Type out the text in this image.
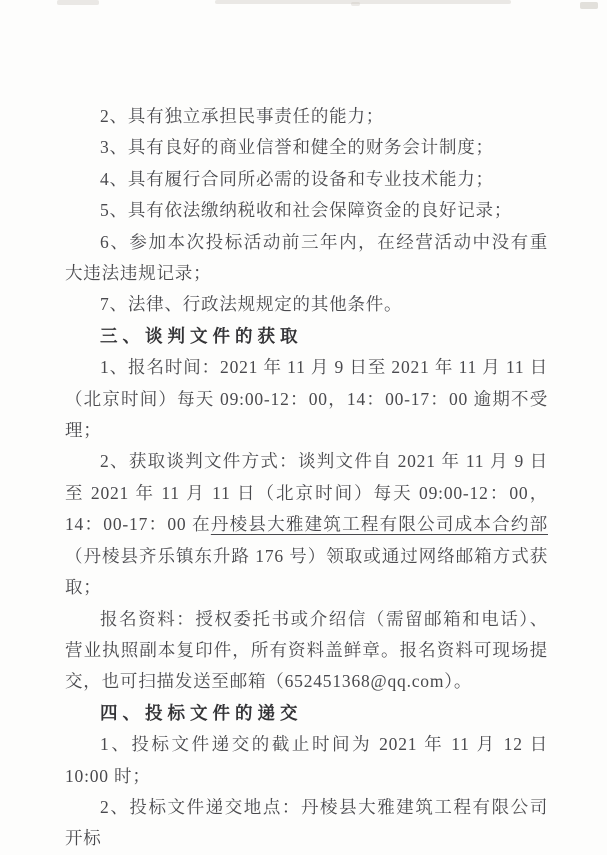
2、具有独立承担民事责任的能力；

3、具有良好的商业信誉和健全的财务会计制度；

4、具有履行合同所必需的设备和专业技术能力；

5、具有依法缴纳税收和社会保障资金的良好记录；

6、参加本次投标活动前三年内，在经营活动中没有重大违法违规记录；

7、法律、行政法规规定的其他条件。

三、谈判文件的获取

1、报名时间：2021 年 11 月 9 日至 2021 年 11 月 11 日（北京时间）每天 09:00-12：00，14：00-17：00 逾期不受理；

2、获取谈判文件方式：谈判文件自 2021 年 11 月 9 日至 2021 年 11 月 11 日（北京时间）每天 09:00-12：00，14：00-17：00 在丹棱县大雅建筑工程有限公司成本合约部（丹棱县齐乐镇东升路 176 号）领取或通过网络邮箱方式获取；

报名资料：授权委托书或介绍信（需留邮箱和电话）、营业执照副本复印件，所有资料盖鲜章。报名资料可现场提交，也可扫描发送至邮箱（652451368@qq.com）。

四、投标文件的递交

1、投标文件递交的截止时间为 2021 年 11 月 12 日 10:00 时；

2、投标文件递交地点：丹棱县大雅建筑工程有限公司开标
